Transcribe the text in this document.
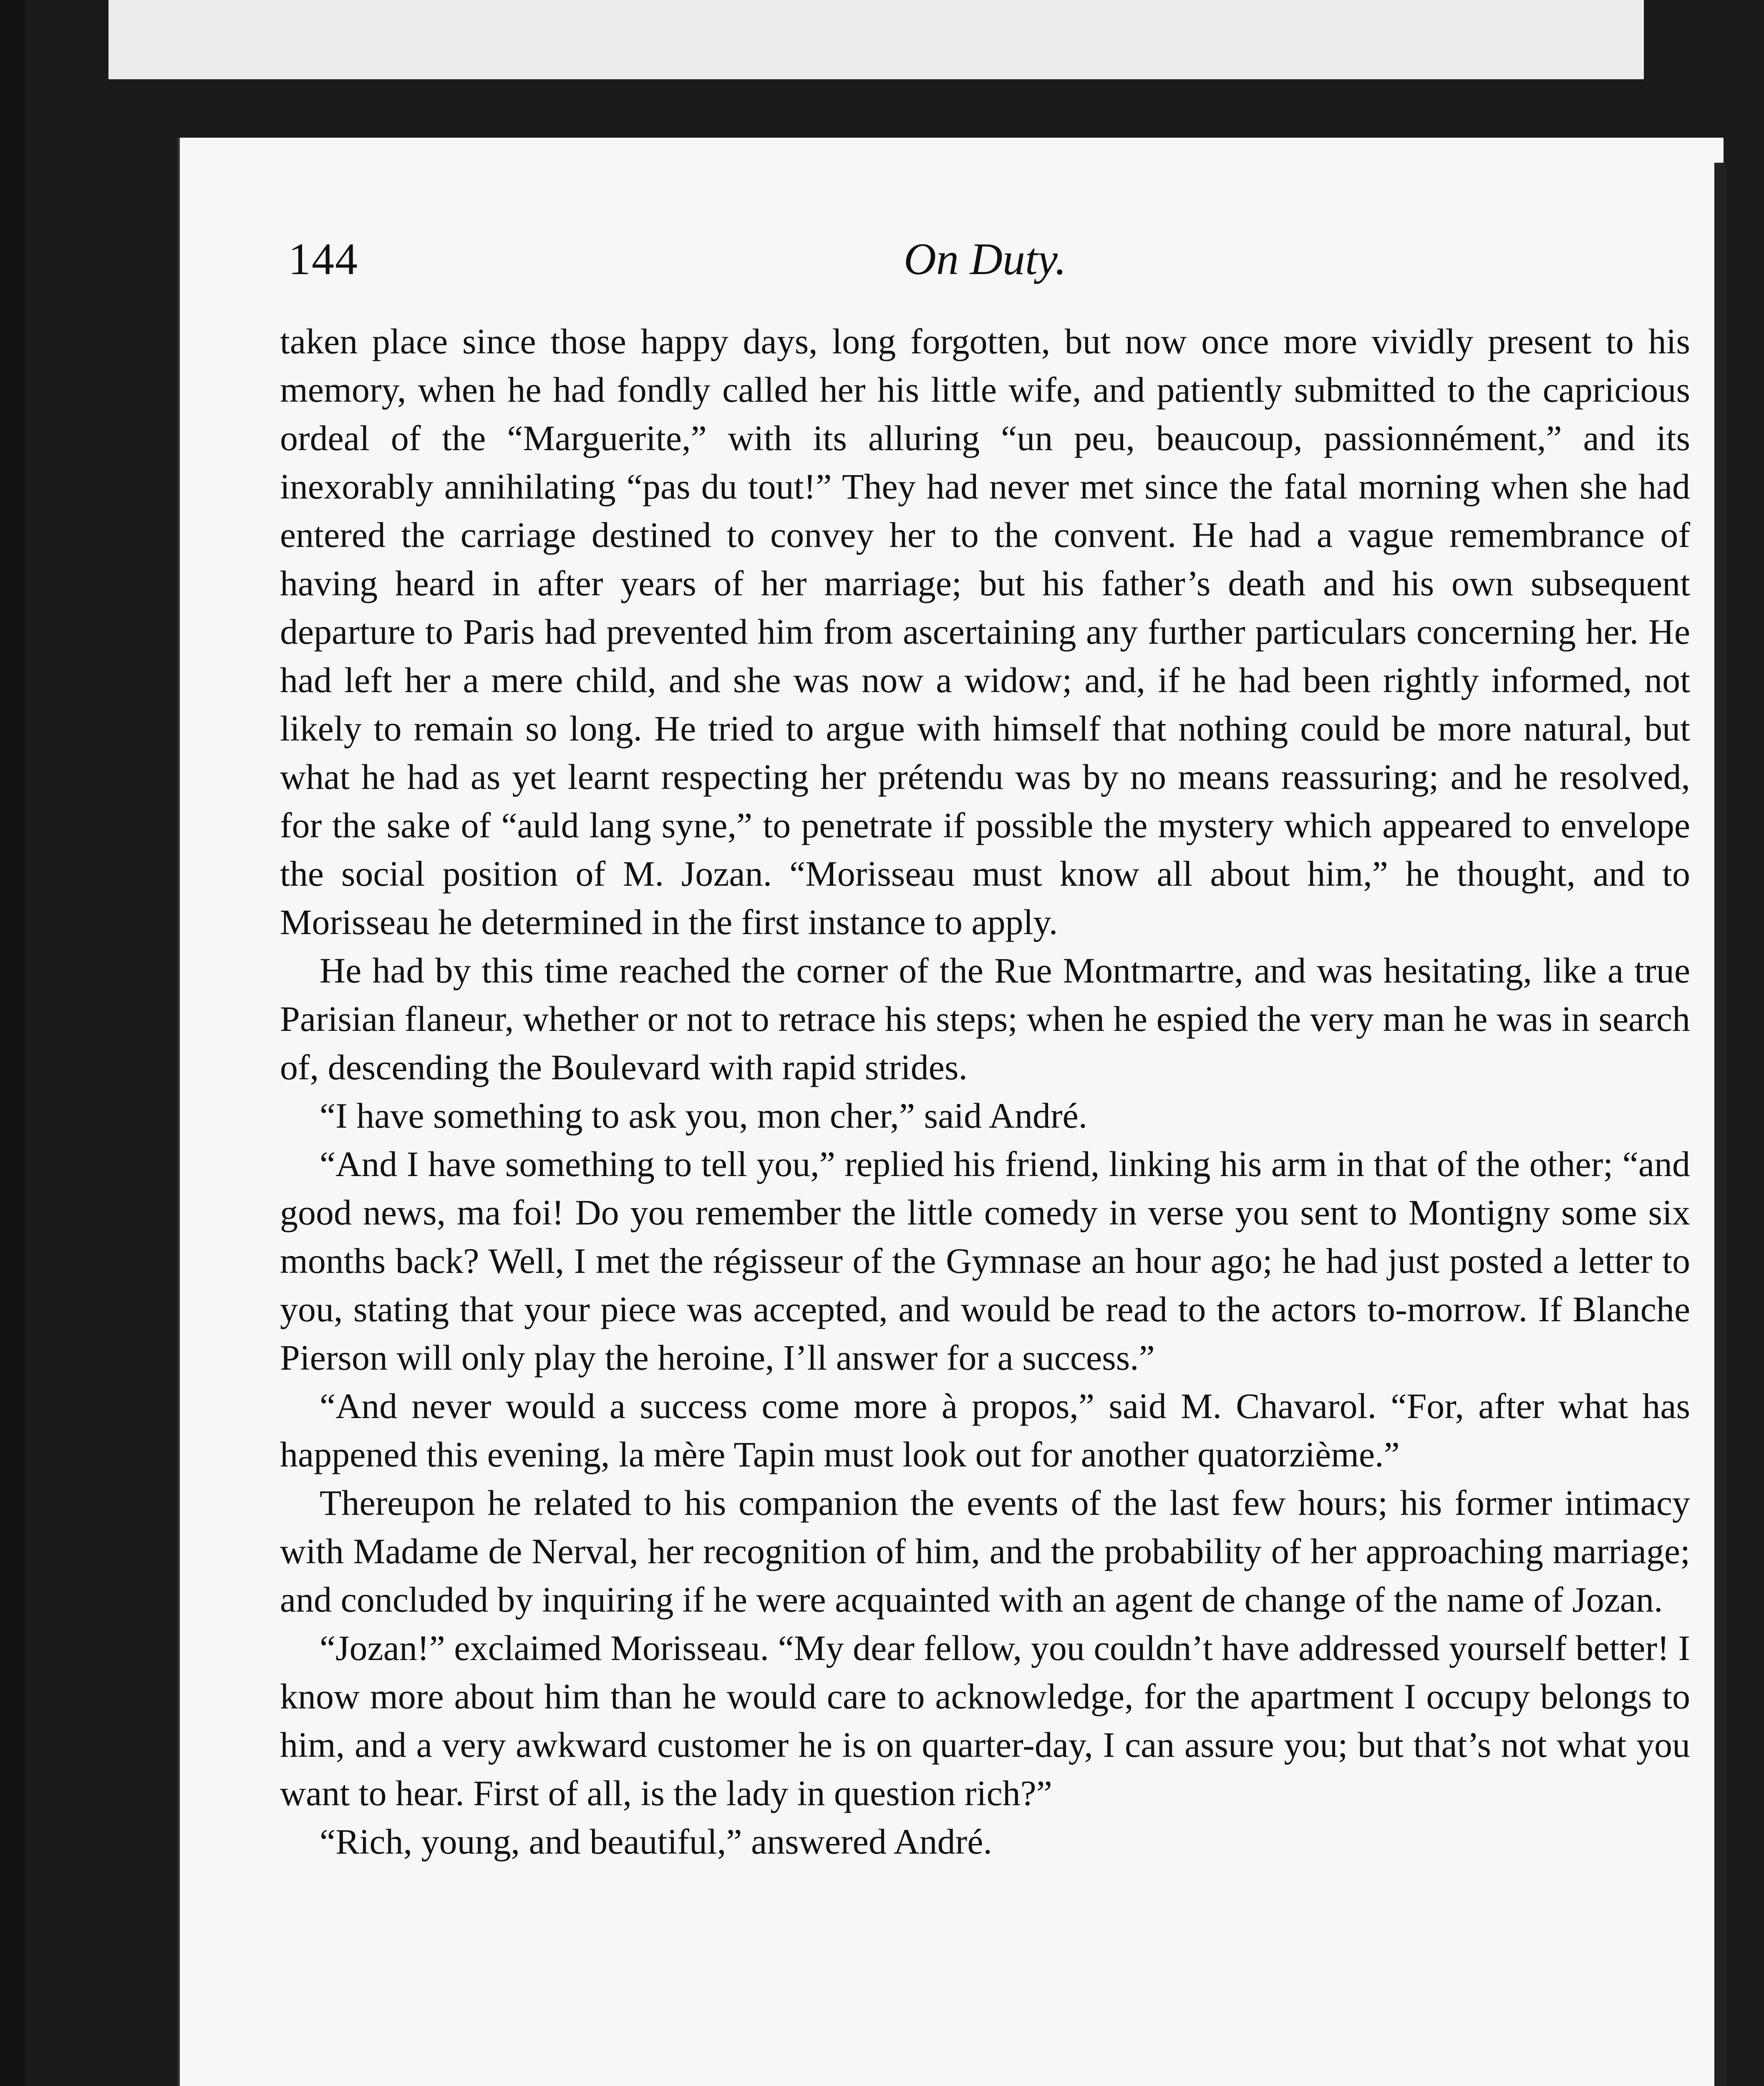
144	On Duty.

taken place since those happy days, long forgotten, but now once more vividly present to his memory, when he had fondly called her his little wife, and patiently submitted to the capricious ordeal of the “Marguerite,” with its alluring “un peu, beaucoup, passionnément,” and its inexorably annihilating “pas du tout!” They had never met since the fatal morning when she had entered the carriage destined to convey her to the convent. He had a vague remembrance of having heard in after years of her marriage; but his father’s death and his own subsequent departure to Paris had prevented him from ascertaining any further particulars concerning her. He had left her a mere child, and she was now a widow; and, if he had been rightly informed, not likely to remain so long. He tried to argue with himself that nothing could be more natural, but what he had as yet learnt respecting her prétendu was by no means reassuring; and he resolved, for the sake of “auld lang syne,” to penetrate if possible the mystery which appeared to envelope the social position of M. Jozan. “Morisseau must know all about him,” he thought, and to Morisseau he determined in the first instance to apply.

He had by this time reached the corner of the Rue Montmartre, and was hesitating, like a true Parisian flaneur, whether or not to retrace his steps; when he espied the very man he was in search of, descending the Boulevard with rapid strides.

“I have something to ask you, mon cher,” said André.

“And I have something to tell you,” replied his friend, linking his arm in that of the other; “and good news, ma foi! Do you remember the little comedy in verse you sent to Montigny some six months back? Well, I met the régisseur of the Gymnase an hour ago; he had just posted a letter to you, stating that your piece was accepted, and would be read to the actors to-morrow. If Blanche Pierson will only play the heroine, I’ll answer for a success.”

“And never would a success come more à propos,” said M. Chavarol. “For, after what has happened this evening, la mère Tapin must look out for another quatorzième.”

Thereupon he related to his companion the events of the last few hours; his former intimacy with Madame de Nerval, her recognition of him, and the probability of her approaching marriage; and concluded by inquiring if he were acquainted with an agent de change of the name of Jozan.

“Jozan!” exclaimed Morisseau. “My dear fellow, you couldn’t have addressed yourself better! I know more about him than he would care to acknowledge, for the apartment I occupy belongs to him, and a very awkward customer he is on quarter-day, I can assure you; but that’s not what you want to hear. First of all, is the lady in question rich?”

“Rich, young, and beautiful,” answered André.
